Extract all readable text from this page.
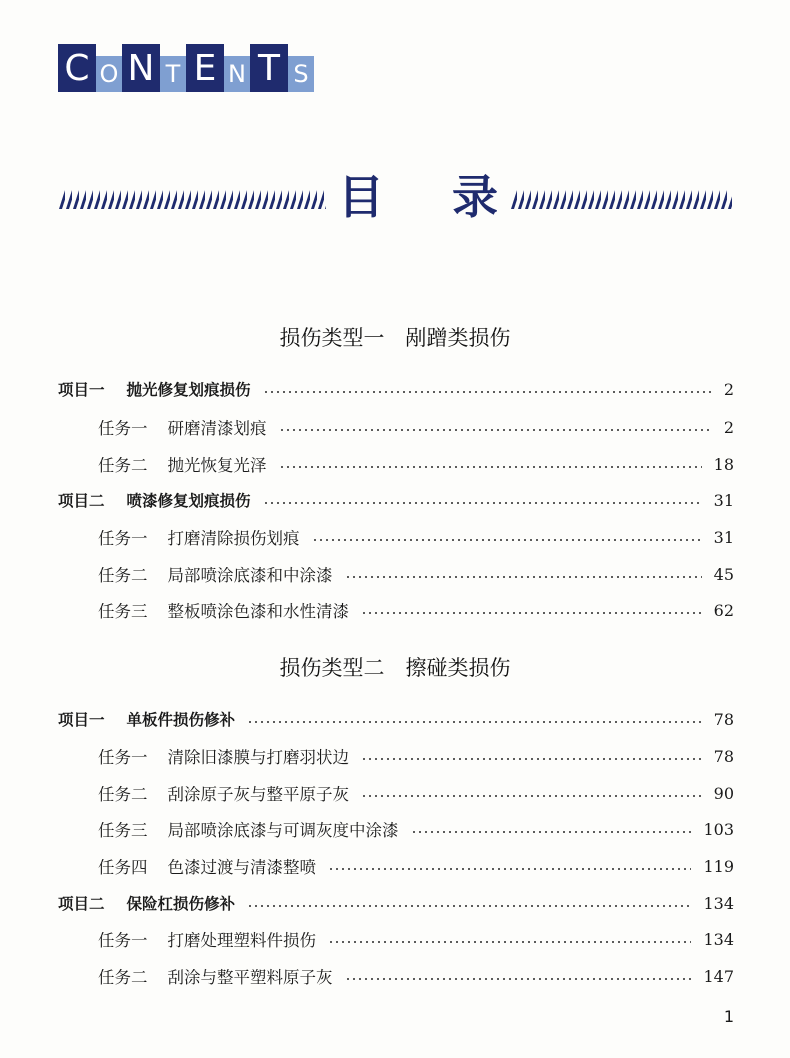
C O N T E N T S
目 录
损伤类型一　剐蹭类损伤
项目一 抛光修复划痕损伤	2
任务一 研磨清漆划痕	2
任务二 抛光恢复光泽	18
项目二 喷漆修复划痕损伤	31
任务一 打磨清除损伤划痕	31
任务二 局部喷涂底漆和中涂漆	45
任务三 整板喷涂色漆和水性清漆	62
损伤类型二　擦碰类损伤
项目一 单板件损伤修补	78
任务一 清除旧漆膜与打磨羽状边	78
任务二 刮涂原子灰与整平原子灰	90
任务三 局部喷涂底漆与可调灰度中涂漆	103
任务四 色漆过渡与清漆整喷	119
项目二 保险杠损伤修补	134
任务一 打磨处理塑料件损伤	134
任务二 刮涂与整平塑料原子灰	147
1
